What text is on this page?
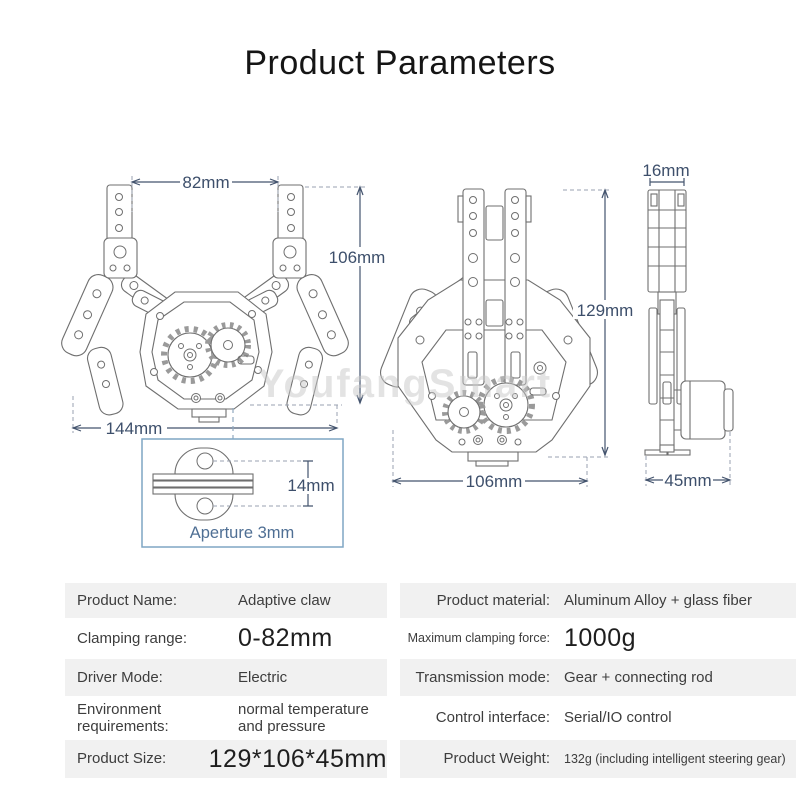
Product Parameters
82mm
106mm
144mm
14mm
Aperture 3mm
129mm
106mm
16mm
45mm
YoufangSmart
Product Name:	Adaptive claw
Clamping range:	0-82mm
Driver Mode:	Electric
Environment requirements:
normal temperature and pressure
Product Size:	129*106*45mm
Product material: Aluminum Alloy + glass fiber
Maximum clamping force: 1000g
Transmission mode: Gear + connecting rod
Control interface: Serial/IO control
Product Weight:	132g (including intelligent steering gear)
